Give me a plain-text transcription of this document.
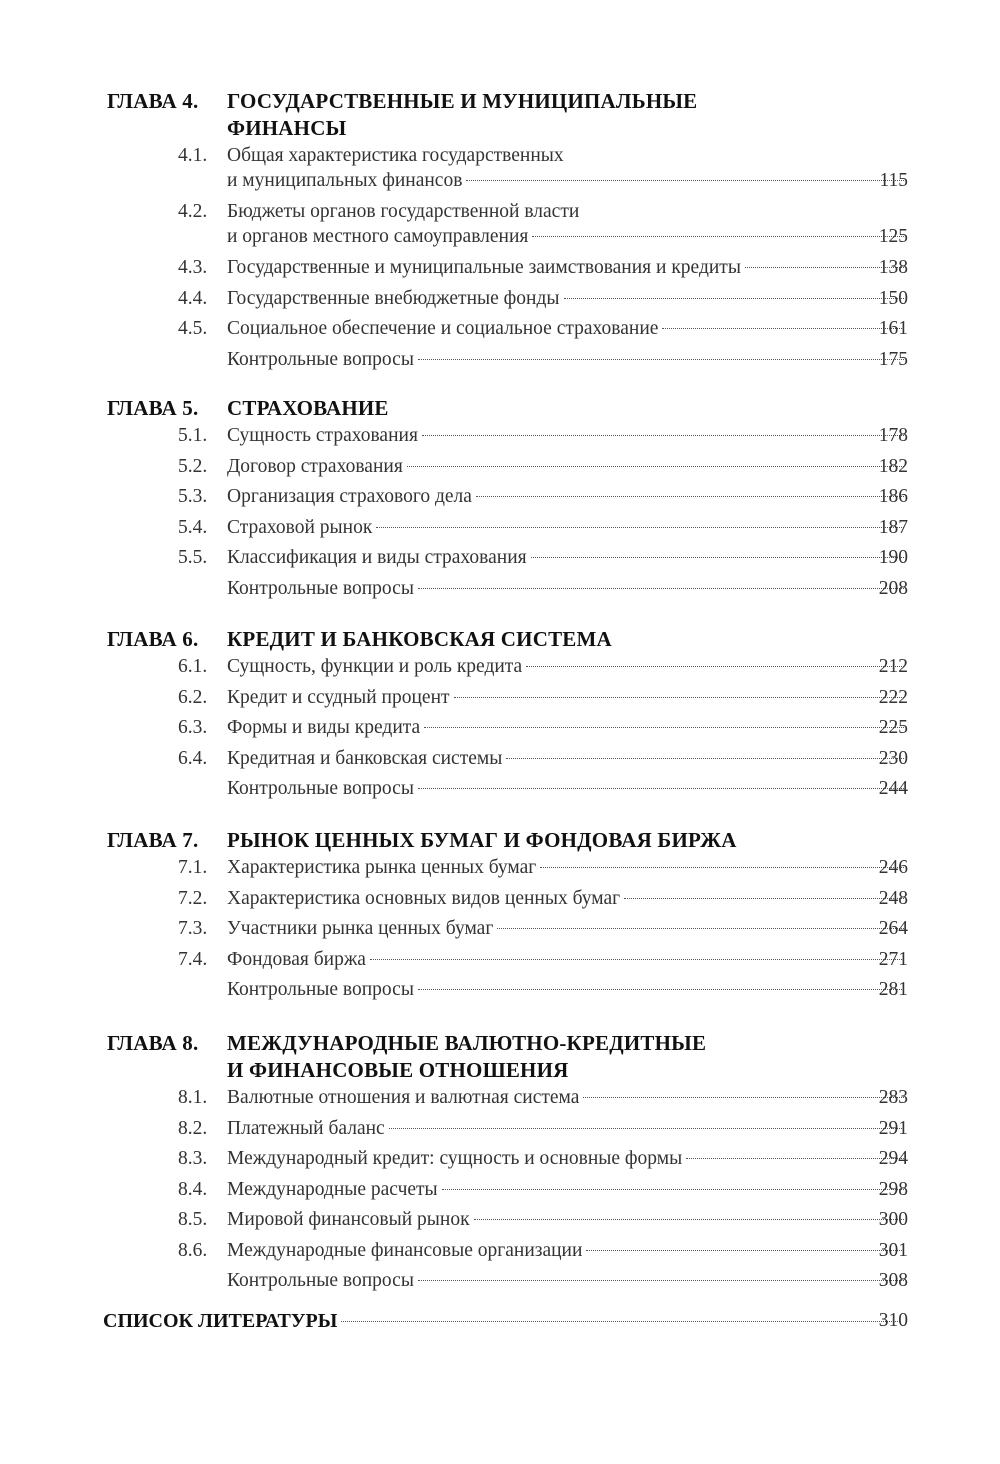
ГЛАВА 4. ГОСУДАРСТВЕННЫЕ И МУНИЦИПАЛЬНЫЕ
ФИНАНСЫ
4.1.	Общая характеристика государственных
и муниципальных финансов	115
4.2.	Бюджеты органов государственной власти
и органов местного самоуправления	125
4.3.	Государственные и муниципальные заимствования и кредиты	138
4.4.	Государственные внебюджетные фонды	150
4.5.	Социальное обеспечение и социальное страхование	161
Контрольные вопросы	175
ГЛАВА 5. СТРАХОВАНИЕ
5.1.	Сущность страхования	178
5.2.	Договор страхования	182
5.3.	Организация страхового дела	186
5.4.	Страховой рынок	187
5.5.	Классификация и виды страхования	190
Контрольные вопросы	208
ГЛАВА 6. КРЕДИТ И БАНКОВСКАЯ СИСТЕМА
6.1.	Сущность, функции и роль кредита	212
6.2.	Кредит и ссудный процент	222
6.3.	Формы и виды кредита	225
6.4.	Кредитная и банковская системы	230
Контрольные вопросы	244
ГЛАВА 7. РЫНОК ЦЕННЫХ БУМАГ И ФОНДОВАЯ БИРЖА
7.1.	Характеристика рынка ценных бумаг	246
7.2.	Характеристика основных видов ценных бумаг	248
7.3.	Участники рынка ценных бумаг	264
7.4.	Фондовая биржа	271
Контрольные вопросы	281
ГЛАВА 8. МЕЖДУНАРОДНЫЕ ВАЛЮТНО-КРЕДИТНЫЕ
И ФИНАНСОВЫЕ ОТНОШЕНИЯ
8.1.	Валютные отношения и валютная система	283
8.2.	Платежный баланс	291
8.3.	Международный кредит: сущность и основные формы	294
8.4.	Международные расчеты	298
8.5.	Мировой финансовый рынок	300
8.6.	Международные финансовые организации	301
Контрольные вопросы	308
СПИСОК ЛИТЕРАТУРЫ	310
